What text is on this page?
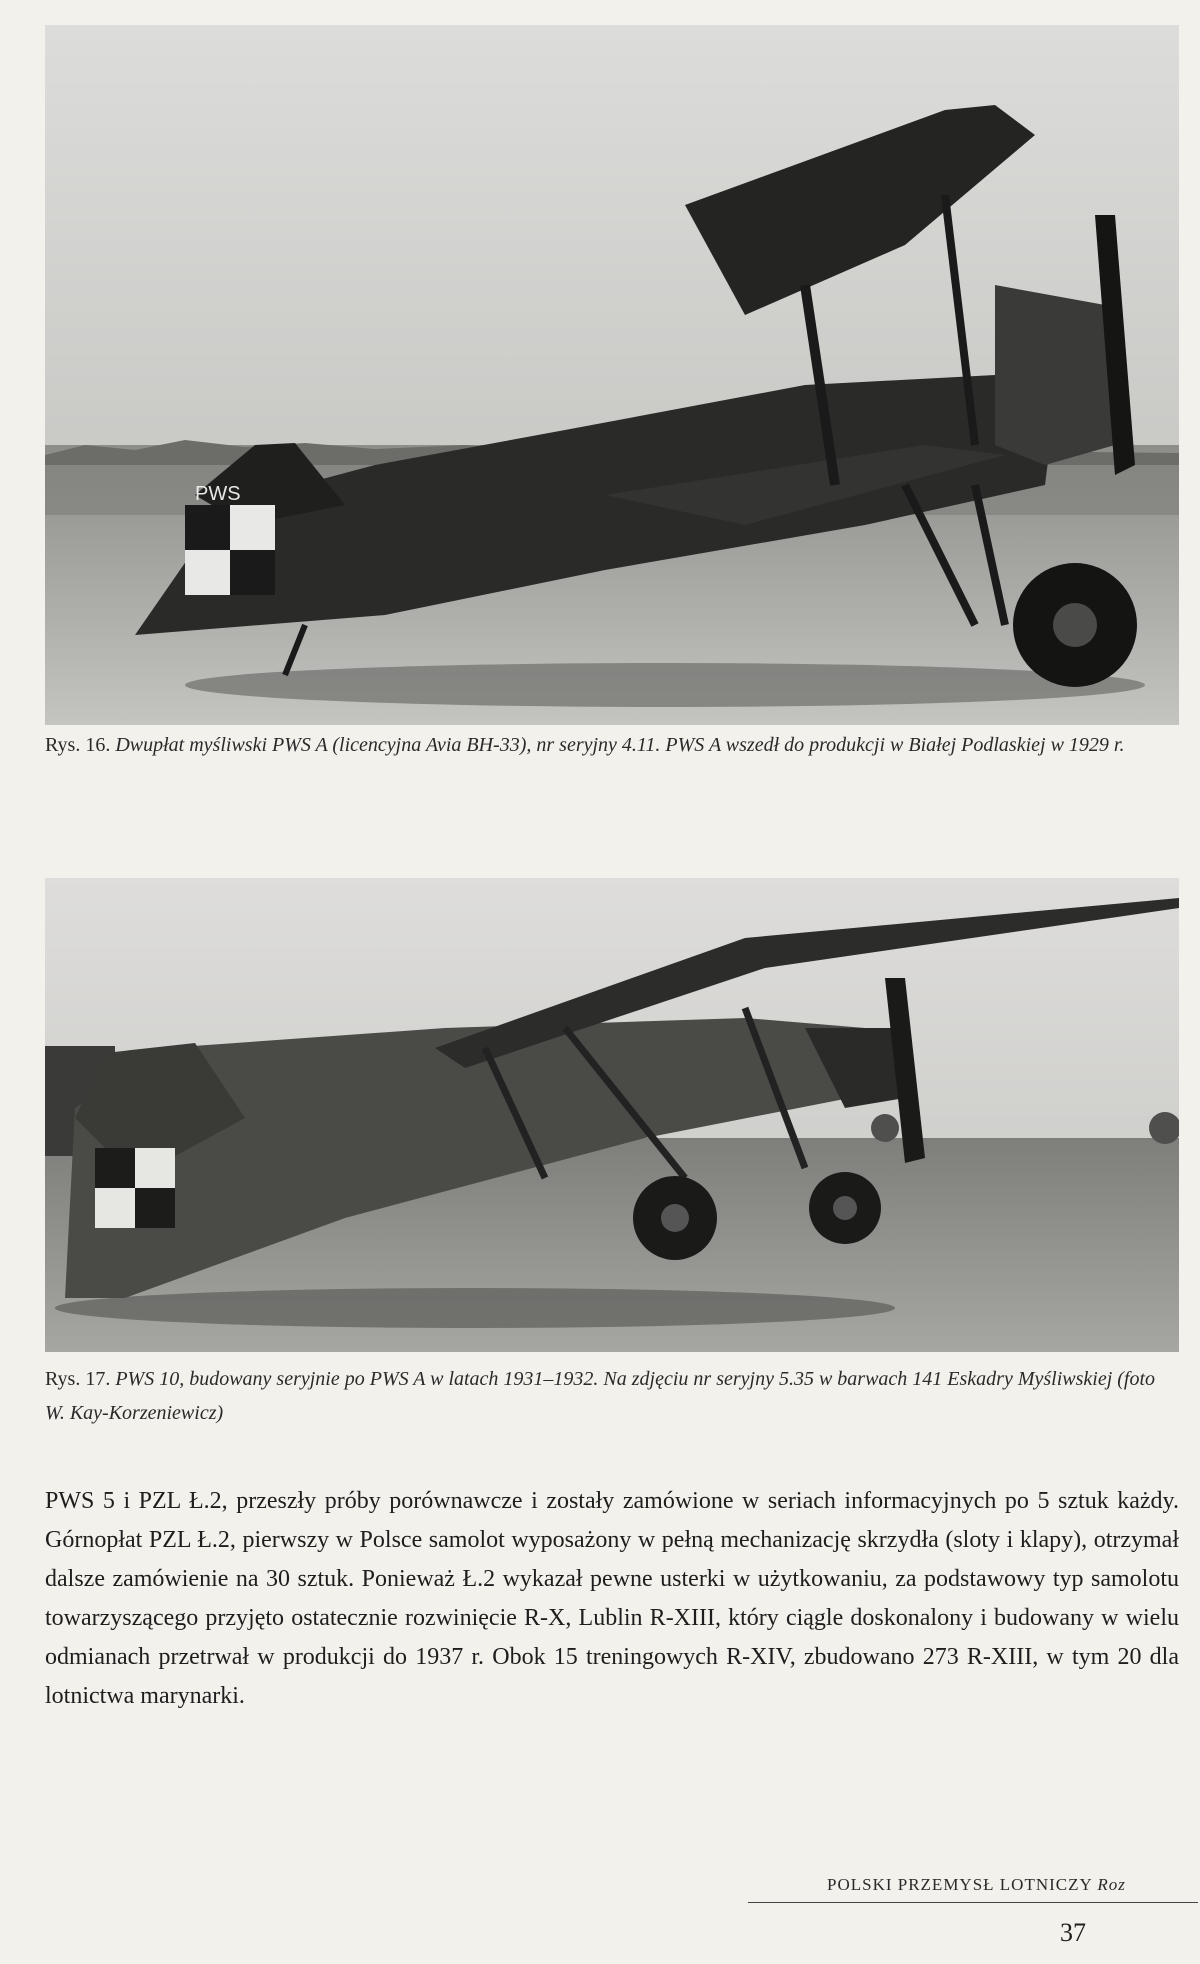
PWS
Rys. 16. Dwupłat myśliwski PWS A (licencyjna Avia BH-33), nr seryjny 4.11. PWS A wszedł do produkcji w Białej Podlaskiej w 1929 r.
Rys. 17. PWS 10, budowany seryjnie po PWS A w latach 1931–1932. Na zdjęciu nr seryjny 5.35 w barwach 141 Eskadry Myśliwskiej (foto W. Kay-Korzeniewicz)
PWS 5 i PZL Ł.2, przeszły próby porównawcze i zostały zamówione w seriach informacyjnych po 5 sztuk każdy. Górnopłat PZL Ł.2, pierwszy w Polsce samolot wyposażony w pełną mechanizację skrzydła (sloty i klapy), otrzymał dalsze zamówienie na 30 sztuk. Ponieważ Ł.2 wykazał pewne usterki w użytkowaniu, za podstawowy typ samolotu towarzyszącego przyjęto ostatecznie rozwinięcie R-X, Lublin R-XIII, który ciągle doskonalony i budowany w wielu odmianach przetrwał w produkcji do 1937 r. Obok 15 treningowych R-XIV, zbudowano 273 R-XIII, w tym 20 dla lotnictwa marynarki.
POLSKI PRZEMYSŁ LOTNICZY Roz
37
